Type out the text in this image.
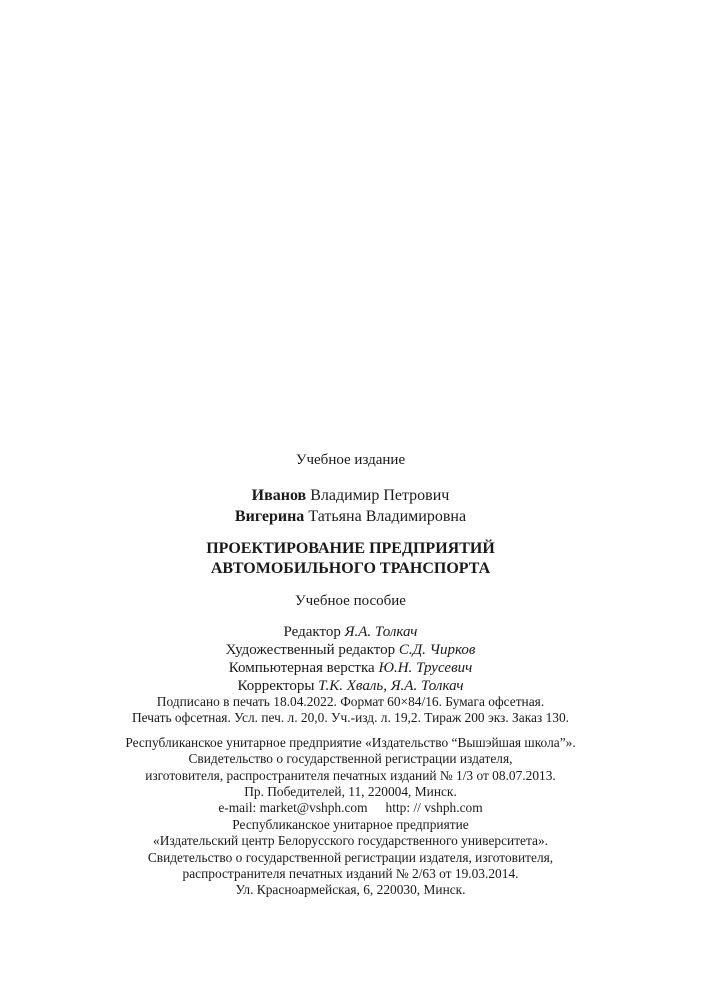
Учебное издание
Иванов Владимир Петрович
Вигерина Татьяна Владимировна
ПРОЕКТИРОВАНИЕ ПРЕДПРИЯТИЙ
АВТОМОБИЛЬНОГО ТРАНСПОРТА
Учебное пособие
Редактор Я.А. Толкач
Художественный редактор С.Д. Чирков
Компьютерная верстка Ю.Н. Трусевич
Корректоры Т.К. Хваль, Я.А. Толкач
Подписано в печать 18.04.2022. Формат 60×84/16. Бумага офсетная.
Печать офсетная. Усл. печ. л. 20,0. Уч.-изд. л. 19,2. Тираж 200 экз. Заказ 130.
Республиканское унитарное предприятие «Издательство “Вышэйшая школа”».
Свидетельство о государственной регистрации издателя,
изготовителя, распространителя печатных изданий № 1/3 от 08.07.2013.
Пр. Победителей, 11, 220004, Минск.
e-mail: market@vshph.com http: // vshph.com
Республиканское унитарное предприятие
«Издательский центр Белорусского государственного университета».
Свидетельство о государственной регистрации издателя, изготовителя,
распространителя печатных изданий № 2/63 от 19.03.2014.
Ул. Красноармейская, 6, 220030, Минск.
